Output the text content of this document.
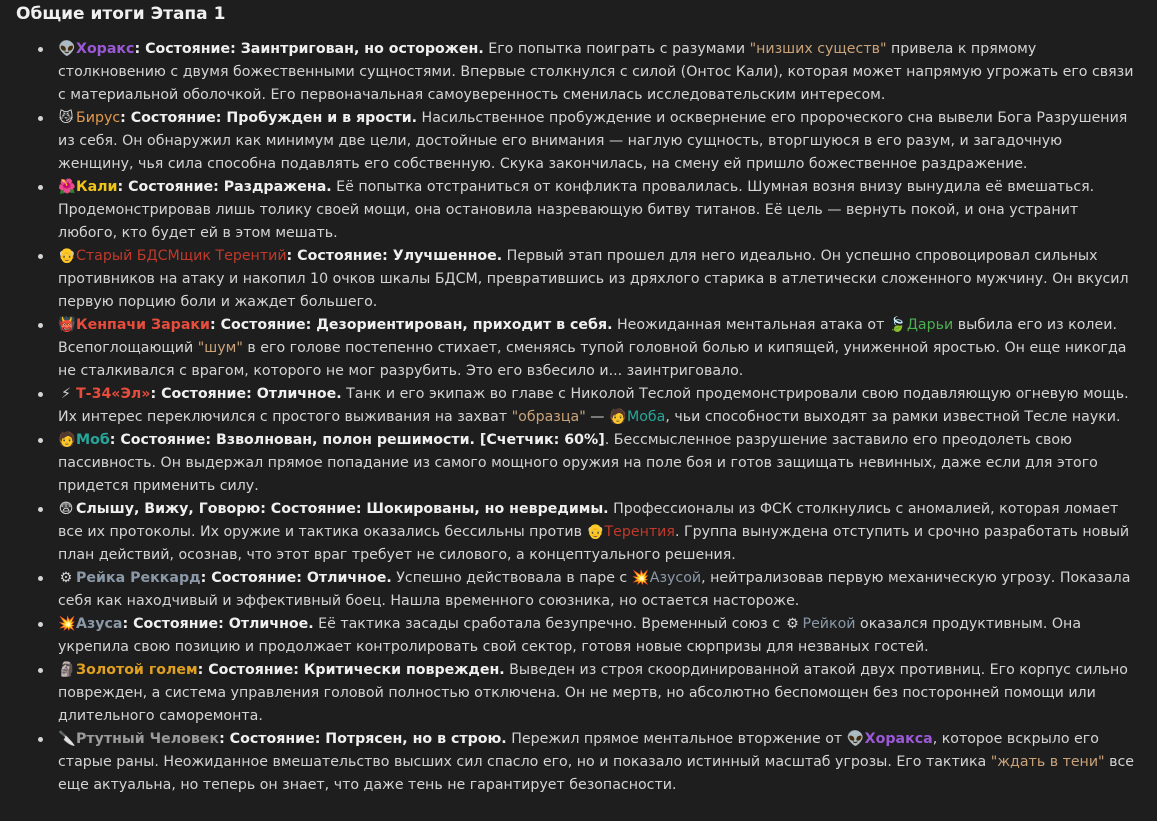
Общие итоги Этапа 1
👽Хоракс: Состояние: Заинтригован, но осторожен. Его попытка поиграть с разумами "низших существ" привела к прямому столкновению с двумя божественными сущностями. Впервые столкнулся с силой (Онтос Кали), которая может напрямую угрожать его связи с материальной оболочкой. Его первоначальная самоуверенность сменилась исследовательским интересом.
😼 Бирус: Состояние: Пробужден и в ярости. Насильственное пробуждение и осквернение его пророческого сна вывели Бога Разрушения из себя. Он обнаружил как минимум две цели, достойные его внимания — наглую сущность, вторгшуюся в его разум, и загадочную женщину, чья сила способна подавлять его собственную. Скука закончилась, на смену ей пришло божественное раздражение.
🌺Кали: Состояние: Раздражена. Её попытка отстраниться от конфликта провалилась. Шумная возня внизу вынудила её вмешаться. Продемонстрировав лишь толику своей мощи, она остановила назревающую битву титанов. Её цель — вернуть покой, и она устранит любого, кто будет ей в этом мешать.
👴Старый БДСМщик Терентий: Состояние: Улучшенное. Первый этап прошел для него идеально. Он успешно спровоцировал сильных противников на атаку и накопил 10 очков шкалы БДСМ, превратившись из дряхлого старика в атлетически сложенного мужчину. Он вкусил первую порцию боли и жаждет большего.
👹Кенпачи Зараки: Состояние: Дезориентирован, приходит в себя. Неожиданная ментальная атака от 🍃Дарьи выбила его из колеи. Всепоглощающий "шум" в его голове постепенно стихает, сменяясь тупой головной болью и кипящей, униженной яростью. Он еще никогда не сталкивался с врагом, которого не мог разрубить. Это его взбесило и... заинтриговало.
⚡ Т-34«Эл»: Состояние: Отличное. Танк и его экипаж во главе с Николой Теслой продемонстрировали свою подавляющую огневую мощь. Их интерес переключился с простого выживания на захват "образца" — 🧑Моба, чьи способности выходят за рамки известной Тесле науки.
🧑Моб: Состояние: Взволнован, полон решимости. [Счетчик: 60%]. Бессмысленное разрушение заставило его преодолеть свою пассивность. Он выдержал прямое попадание из самого мощного оружия на поле боя и готов защищать невинных, даже если для этого придется применить силу.
😨 Слышу, Вижу, Говорю: Состояние: Шокированы, но невредимы. Профессионалы из ФСК столкнулись с аномалией, которая ломает все их протоколы. Их оружие и тактика оказались бессильны против 👴Терентия. Группа вынуждена отступить и срочно разработать новый план действий, осознав, что этот враг требует не силового, а концептуального решения.
⚙ Рейка Реккард: Состояние: Отличное. Успешно действовала в паре с 💥Азусой, нейтрализовав первую механическую угрозу. Показала себя как находчивый и эффективный боец. Нашла временного союзника, но остается настороже.
💥Азуса: Состояние: Отличное. Её тактика засады сработала безупречно. Временный союз с ⚙ Рейкой оказался продуктивным. Она укрепила свою позицию и продолжает контролировать свой сектор, готовя новые сюрпризы для незваных гостей.
🗿Золотой голем: Состояние: Критически поврежден. Выведен из строя скоординированной атакой двух противниц. Его корпус сильно поврежден, а система управления головой полностью отключена. Он не мертв, но абсолютно беспомощен без посторонней помощи или длительного саморемонта.
🔪Ртутный Человек: Состояние: Потрясен, но в строю. Пережил прямое ментальное вторжение от 👽Хоракса, которое вскрыло его старые раны. Неожиданное вмешательство высших сил спасло его, но и показало истинный масштаб угрозы. Его тактика "ждать в тени" все еще актуальна, но теперь он знает, что даже тень не гарантирует безопасности.
